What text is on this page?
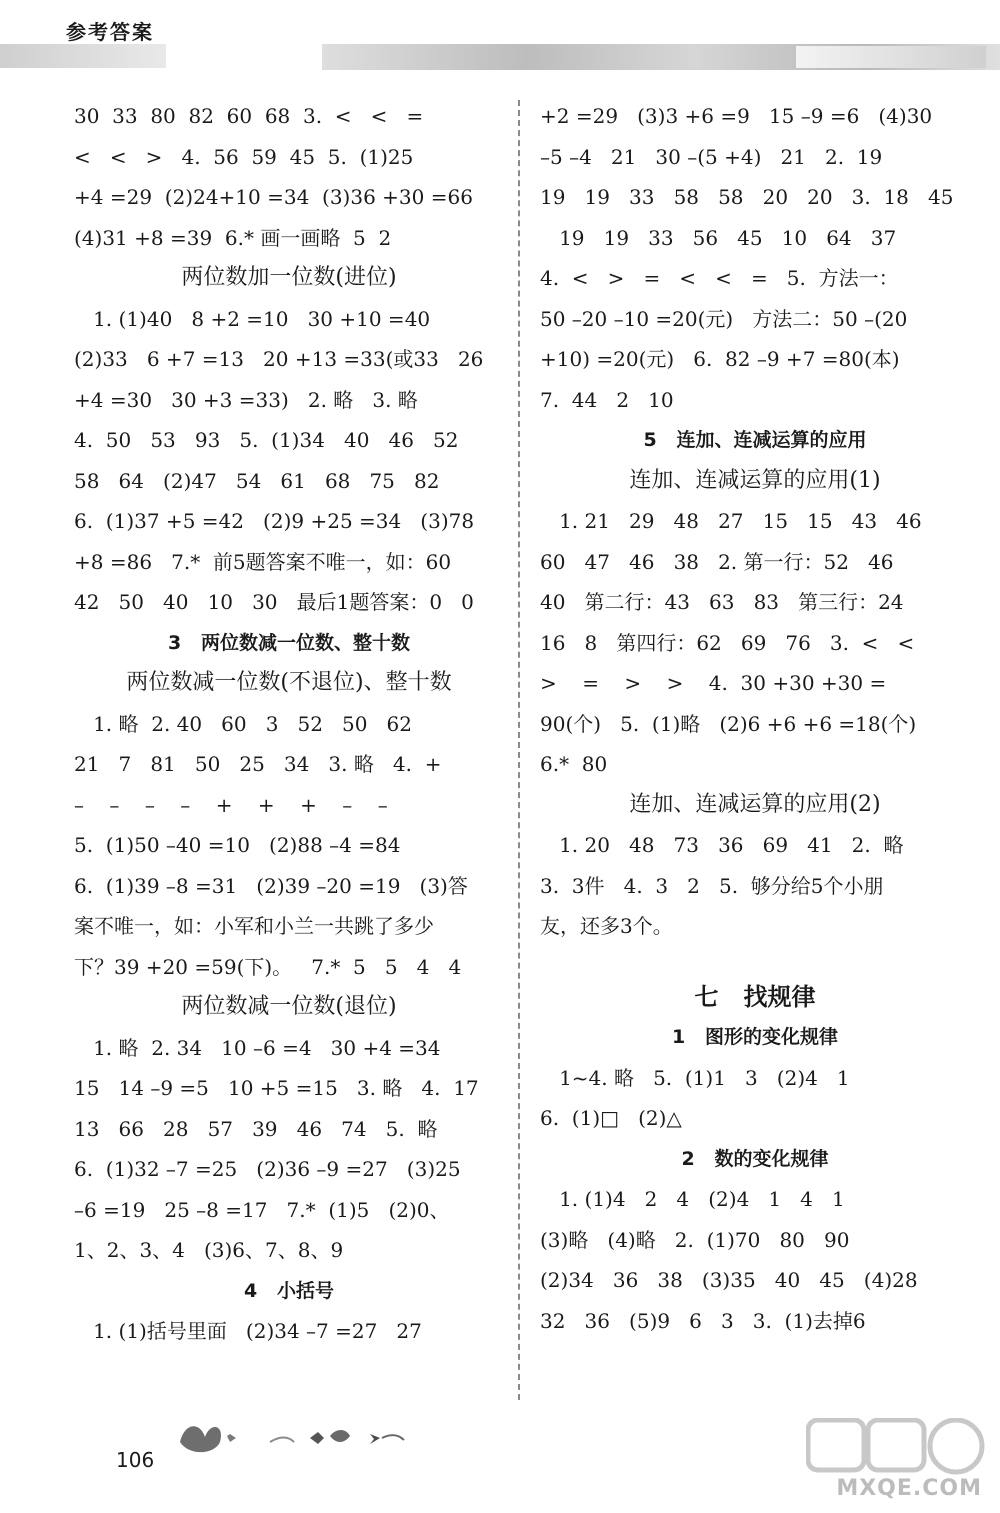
参考答案
30  33  80  82  60  68  3.  <   <   =
<   <   >   4.  56  59  45  5.  (1)25
+4 =29  (2)24+10 =34  (3)36 +30 =66
(4)31 +8 =39  6.* 画一画略  5  2
两位数加一位数(进位)
1. (1)40   8 +2 =10   30 +10 =40
(2)33   6 +7 =13   20 +13 =33(或33   26
+4 =30   30 +3 =33)   2. 略   3. 略
4.  50   53   93   5.  (1)34   40   46   52
58   64   (2)47   54   61   68   75   82
6.  (1)37 +5 =42   (2)9 +25 =34   (3)78
+8 =86   7.*  前5题答案不唯一，如：60
42   50   40   10   30   最后1题答案：0   0
3   两位数减一位数、整十数
两位数减一位数(不退位)、整十数
1. 略  2. 40   60   3   52   50   62
21   7   81   50   25   34   3. 略   4.  +
–    –    –    –    +    +    +    –    –
5.  (1)50 –40 =10   (2)88 –4 =84
6.  (1)39 –8 =31   (2)39 –20 =19   (3)答
案不唯一，如：小军和小兰一共跳了多少
下？39 +20 =59(下)。   7.*  5   5   4   4
两位数减一位数(退位)
1. 略  2. 34   10 –6 =4   30 +4 =34
15   14 –9 =5   10 +5 =15   3. 略   4.  17
13   66   28   57   39   46   74   5.  略
6.  (1)32 –7 =25   (2)36 –9 =27   (3)25
–6 =19   25 –8 =17   7.*  (1)5   (2)0、
1、2、3、4   (3)6、7、8、9
4   小括号
1. (1)括号里面   (2)34 –7 =27   27
+2 =29   (3)3 +6 =9   15 –9 =6   (4)30
–5 –4   21   30 –(5 +4)   21   2.  19
19   19   33   58   58   20   20   3.  18   45
19   19   33   56   45   10   64   37
4.  <   >   =   <   <   =   5.  方法一：
50 –20 –10 =20(元)   方法二：50 –(20
+10) =20(元)   6.  82 –9 +7 =80(本)
7.  44   2   10
5   连加、连减运算的应用
连加、连减运算的应用(1)
1. 21   29   48   27   15   15   43   46
60   47   46   38   2. 第一行：52   46
40   第二行：43   63   83   第三行：24
16   8   第四行：62   69   76   3.  <   <
>    =    >    >    4.  30 +30 +30 =
90(个)   5.  (1)略   (2)6 +6 +6 =18(个)
6.*  80
连加、连减运算的应用(2)
1. 20   48   73   36   69   41   2.  略
3.  3件   4.  3   2   5.  够分给5个小朋
友，还多3个。
七   找规律
1   图形的变化规律
1~4. 略   5.  (1)1   3   (2)4   1
6.  (1)□   (2)△
2   数的变化规律
1. (1)4   2   4   (2)4   1   4   1
(3)略   (4)略   2.  (1)70   80   90
(2)34   36   38   (3)35   40   45   (4)28
32   36   (5)9   6   3   3.  (1)去掉6
106
MXQE.COM
